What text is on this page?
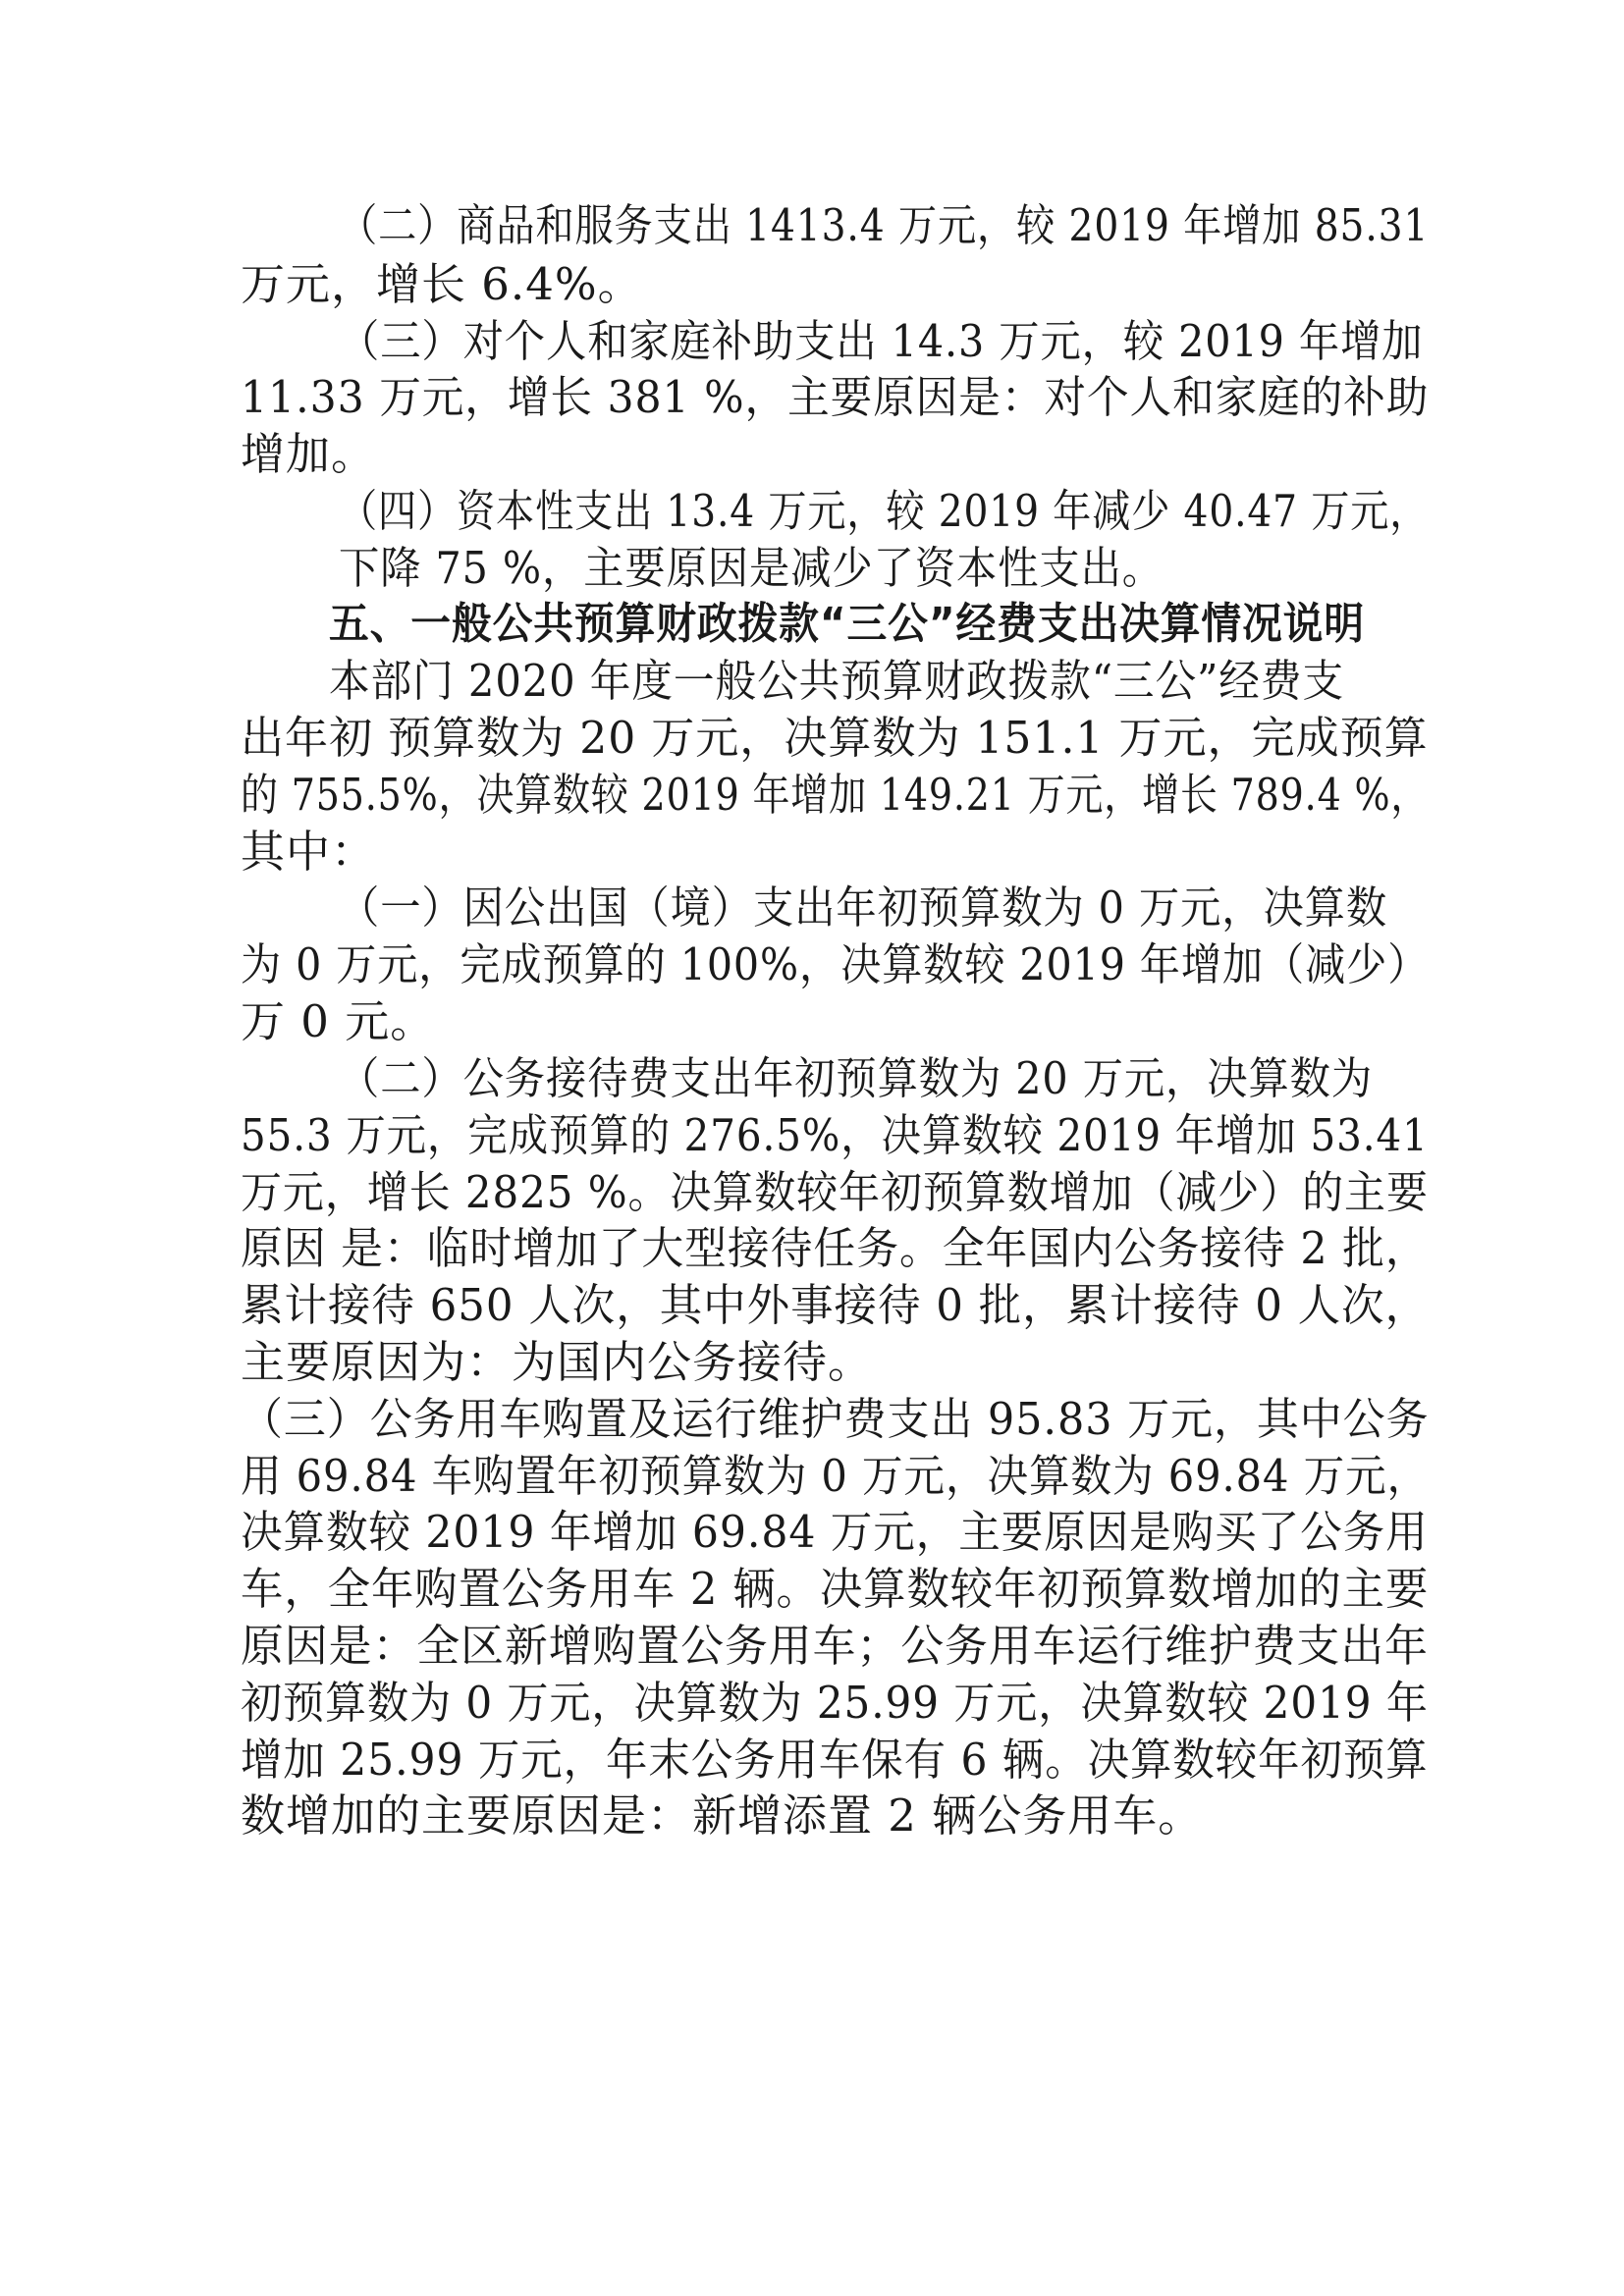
（二）商品和服务支出 1413.4 万元，较 2019 年增加 85.31
万元，增长 6.4%。
（三）对个人和家庭补助支出 14.3 万元，较 2019 年增加
11.33 万元，增长 381 %，主要原因是：对个人和家庭的补助
增加。
（四）资本性支出 13.4 万元，较 2019 年减少 40.47 万元，
下降 75 %，主要原因是减少了资本性支出。
五、一般公共预算财政拨款“三公”经费支出决算情况说明
本部门 2020 年度一般公共预算财政拨款“三公”经费支
出年初 预算数为 20 万元，决算数为 151.1 万元，完成预算
的 755.5%，决算数较 2019 年增加 149.21 万元，增长 789.4 %，
其中：
（一）因公出国（境）支出年初预算数为 0 万元，决算数
为 0 万元，完成预算的 100%，决算数较 2019 年增加（减少）
万 0 元。
（二）公务接待费支出年初预算数为 20 万元，决算数为
55.3 万元，完成预算的 276.5%，决算数较 2019 年增加 53.41
万元，增长 2825 %。决算数较年初预算数增加（减少）的主要
原因 是：临时增加了大型接待任务。全年国内公务接待 2 批，
累计接待 650 人次，其中外事接待 0 批，累计接待 0 人次，
主要原因为：为国内公务接待。
（三）公务用车购置及运行维护费支出 95.83 万元，其中公务
用 69.84 车购置年初预算数为 0 万元，决算数为 69.84 万元，
决算数较 2019 年增加 69.84 万元，主要原因是购买了公务用
车，全年购置公务用车 2 辆。决算数较年初预算数增加的主要
原因是：全区新增购置公务用车；公务用车运行维护费支出年
初预算数为 0 万元，决算数为 25.99 万元，决算数较 2019 年
增加 25.99 万元，年末公务用车保有 6 辆。决算数较年初预算
数增加的主要原因是：新增添置 2 辆公务用车。
